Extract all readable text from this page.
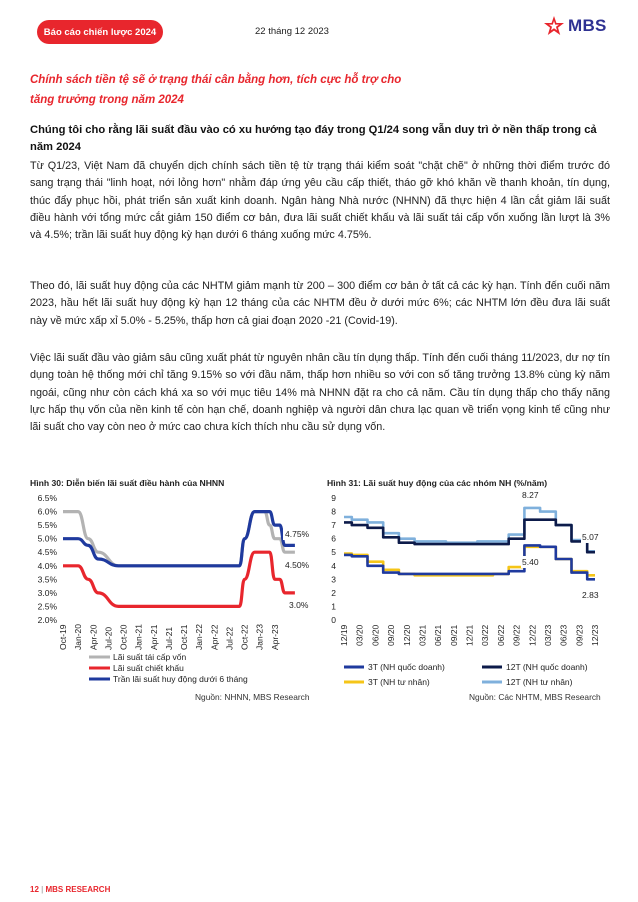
Báo cáo chiến lược 2024	22 tháng 12 2023	MBS
Chính sách tiền tệ sẽ ở trạng thái cân bằng hơn, tích cực hỗ trợ cho tăng trưởng trong năm 2024
Chúng tôi cho rằng lãi suất đầu vào có xu hướng tạo đáy trong Q1/24 song vẫn duy trì ở nền thấp trong cả năm 2024
Từ Q1/23, Việt Nam đã chuyển dịch chính sách tiền tệ từ trạng thái kiểm soát "chặt chẽ" ở những thời điểm trước đó sang trạng thái "linh hoạt, nới lỏng hơn" nhằm đáp ứng yêu cầu cấp thiết, tháo gỡ khó khăn về thanh khoản, tín dụng, thúc đẩy phục hồi, phát triển sản xuất kinh doanh. Ngân hàng Nhà nước (NHNN) đã thực hiện 4 lần cắt giảm lãi suất điều hành với tổng mức cắt giảm 150 điểm cơ bản, đưa lãi suất chiết khấu và lãi suất tái cấp vốn xuống lần lượt là 3% và 4.5%; trần lãi suất huy động kỳ hạn dưới 6 tháng xuống mức 4.75%.
Theo đó, lãi suất huy động của các NHTM giảm mạnh từ 200 – 300 điểm cơ bản ở tất cả các kỳ hạn. Tính đến cuối năm 2023, hầu hết lãi suất huy động kỳ hạn 12 tháng của các NHTM đều ở dưới mức 6%; các NHTM lớn đều đưa lãi suất này về mức xấp xỉ 5.0% - 5.25%, thấp hơn cả giai đoạn 2020 -21 (Covid-19).
Việc lãi suất đầu vào giảm sâu cũng xuất phát từ nguyên nhân cầu tín dụng thấp. Tính đến cuối tháng 11/2023, dư nợ tín dụng toàn hệ thống mới chỉ tăng 9.15% so với đầu năm, thấp hơn nhiều so với con số tăng trưởng 13.8% cùng kỳ năm ngoái, cũng như còn cách khá xa so với mục tiêu 14% mà NHNN đặt ra cho cả năm. Cầu tín dụng thấp cho thấy năng lực hấp thụ vốn của nền kinh tế còn hạn chế, doanh nghiệp và người dân chưa lạc quan về triển vọng kinh tế cũng như lãi suất cho vay còn neo ở mức cao chưa kích thích nhu cầu sử dụng vốn.
Hình 30: Diễn biến lãi suất điều hành của NHNN	Hình 31: Lãi suất huy động của các nhóm NH (%/năm)
2.0%
2.5%
3.0%
3.5%
4.0%
4.5%
5.0%
5.5%
6.0%
6.5%
Oct-19 Jan-20 Apr-20 Jul-20 Oct-20 Jan-21 Apr-21 Jul-21 Oct-21 Jan-22 Apr-22 Jul-22 Oct-22 Jan-23 Apr-23
4.75%
4.50%
3.0%
Lãi suất tái cấp vốn
Lãi suất chiết khấu
Trần lãi suất huy động dưới 6 tháng
0
1
2
3
4
5
6
7
8
9
12/19 03/20 06/20 09/20 12/20 03/21 06/21 09/21 12/21 03/22 06/22 09/22 12/22 03/23 06/23 09/23 12/23
8.27
5.07
5.40
2.83
3T (NH quốc doanh)	12T (NH quốc doanh)
3T (NH tư nhân)	12T (NH tư nhân)
Nguồn: NHNN, MBS Research	Nguồn: Các NHTM, MBS Research
12 | MBS RESEARCH
